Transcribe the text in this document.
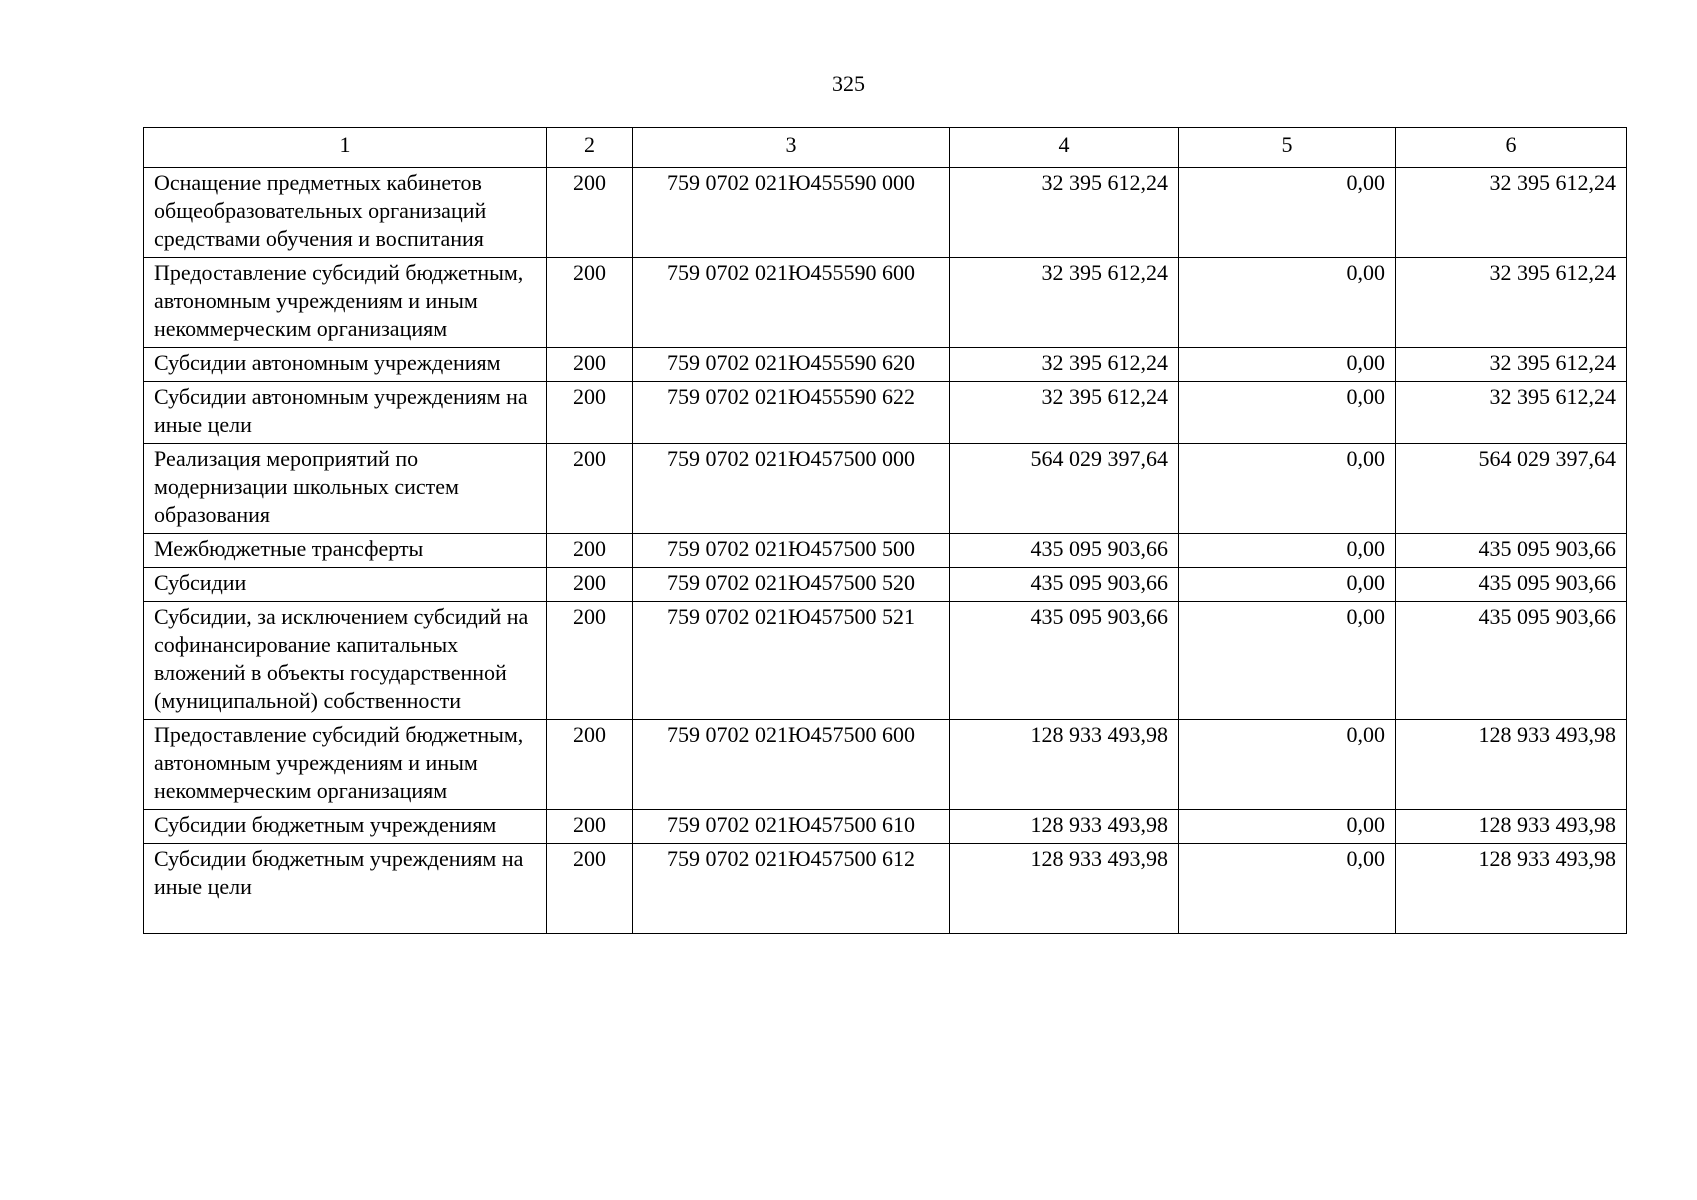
325
1	2	3	4	5	6
Оснащение предметных кабинетов общеобразовательных организаций средствами обучения и воспитания	200	759 0702 021Ю455590 000	32 395 612,24	0,00	32 395 612,24
Предоставление субсидий бюджетным, автономным учреждениям и иным некоммерческим организациям	200	759 0702 021Ю455590 600	32 395 612,24	0,00	32 395 612,24
Субсидии автономным учреждениям	200	759 0702 021Ю455590 620	32 395 612,24	0,00	32 395 612,24
Субсидии автономным учреждениям на иные цели	200	759 0702 021Ю455590 622	32 395 612,24	0,00	32 395 612,24
Реализация мероприятий по модернизации школьных систем образования	200	759 0702 021Ю457500 000	564 029 397,64	0,00	564 029 397,64
Межбюджетные трансферты	200	759 0702 021Ю457500 500	435 095 903,66	0,00	435 095 903,66
Субсидии	200	759 0702 021Ю457500 520	435 095 903,66	0,00	435 095 903,66
Субсидии, за исключением субсидий на софинансирование капитальных вложений в объекты государственной (муниципальной) собственности	200	759 0702 021Ю457500 521	435 095 903,66	0,00	435 095 903,66
Предоставление субсидий бюджетным, автономным учреждениям и иным некоммерческим организациям	200	759 0702 021Ю457500 600	128 933 493,98	0,00	128 933 493,98
Субсидии бюджетным учреждениям	200	759 0702 021Ю457500 610	128 933 493,98	0,00	128 933 493,98
Субсидии бюджетным учреждениям на иные цели	200	759 0702 021Ю457500 612	128 933 493,98	0,00	128 933 493,98
